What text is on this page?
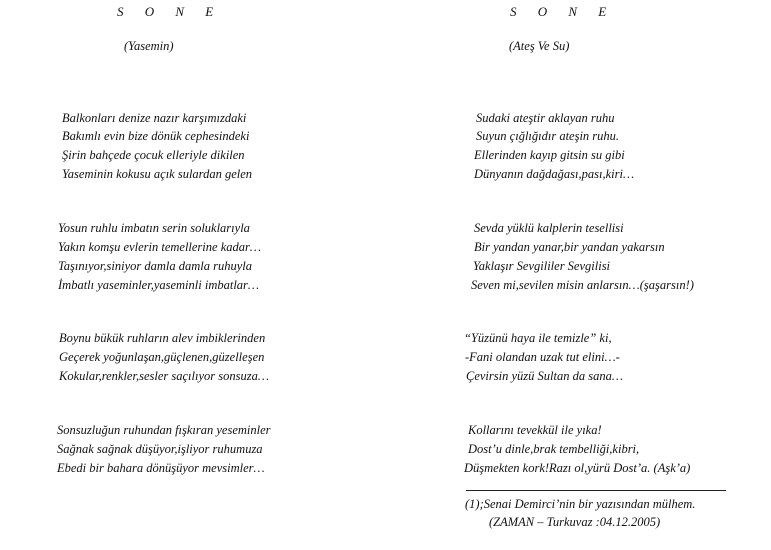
S O N E
(Yasemin)
Balkonları denize nazır karşımızdaki
Bakımlı evin bize dönük cephesindeki
Şirin bahçede çocuk elleriyle dikilen
Yaseminin kokusu açık sulardan gelen
Yosun ruhlu imbatın serin soluklarıyla
Yakın komşu evlerin temellerine kadar…
Taşınıyor,siniyor damla damla ruhuyla
İmbatlı yaseminler,yaseminli imbatlar…
Boynu bükük ruhların alev imbiklerinden
Geçerek yoğunlaşan,güçlenen,güzelleşen
Kokular,renkler,sesler saçılıyor sonsuza…
Sonsuzluğun ruhundan fışkıran yeseminler
Sağnak sağnak düşüyor,işliyor ruhumuza
Ebedi bir bahara dönüşüyor mevsimler…
S O N E
(Ateş Ve Su)
Sudaki ateştir aklayan ruhu
Suyun çığlığıdır ateşin ruhu.
Ellerinden kayıp gitsin su gibi
Dünyanın dağdağası,pası,kiri…
Sevda yüklü kalplerin tesellisi
Bir yandan yanar,bir yandan yakarsın
Yaklaşır Sevgililer Sevgilisi
Seven mi,sevilen misin anlarsın…(şaşarsın!)
“Yüzünü haya ile temizle” ki,
-Fani olandan uzak tut elini…-
Çevirsin yüzü Sultan da sana…
Kollarını tevekkül ile yıka!
Dost’u dinle,brak tembelliği,kibri,
Düşmekten kork!Razı ol,yürü Dost’a. (Aşk’a)
(1);Senai Demirci’nin bir yazısından mülhem.
(ZAMAN – Turkuvaz :04.12.2005)
